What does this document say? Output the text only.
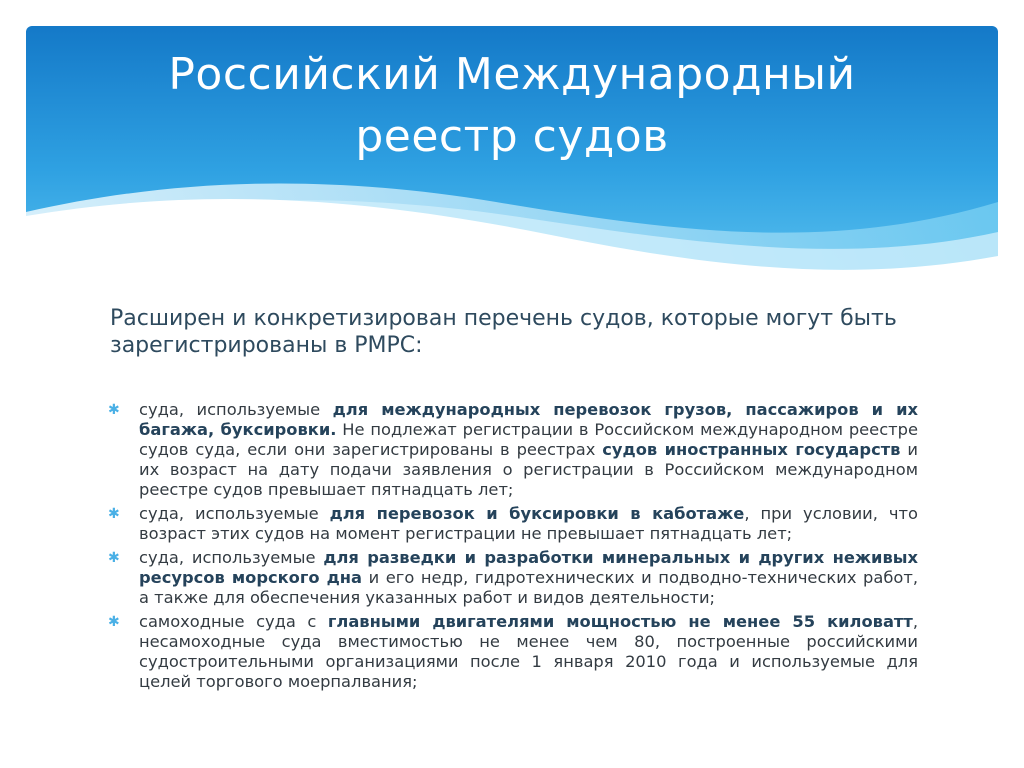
Российский Международный
реестр судов

Расширен и конкретизирован перечень судов, которые могут быть зарегистрированы в РМРС:

✱ суда, используемые для международных перевозок грузов, пассажиров и их багажа, буксировки. Не подлежат регистрации в Российском международном реестре судов суда, если они зарегистрированы в реестрах судов иностранных государств и их возраст на дату подачи заявления о регистрации в Российском международном реестре судов превышает пятнадцать лет;
✱ суда, используемые для перевозок и буксировки в каботаже, при условии, что возраст этих судов на момент регистрации не превышает пятнадцать лет;
✱ суда, используемые для разведки и разработки минеральных и других неживых ресурсов морского дна и его недр, гидротехнических и подводно-технических работ, а также для обеспечения указанных работ и видов деятельности;
✱ самоходные суда с главными двигателями мощностью не менее 55 киловатт, несамоходные суда вместимостью не менее чем 80, построенные российскими судостроительными организациями после 1 января 2010 года и используемые для целей торгового моерпалвания;
